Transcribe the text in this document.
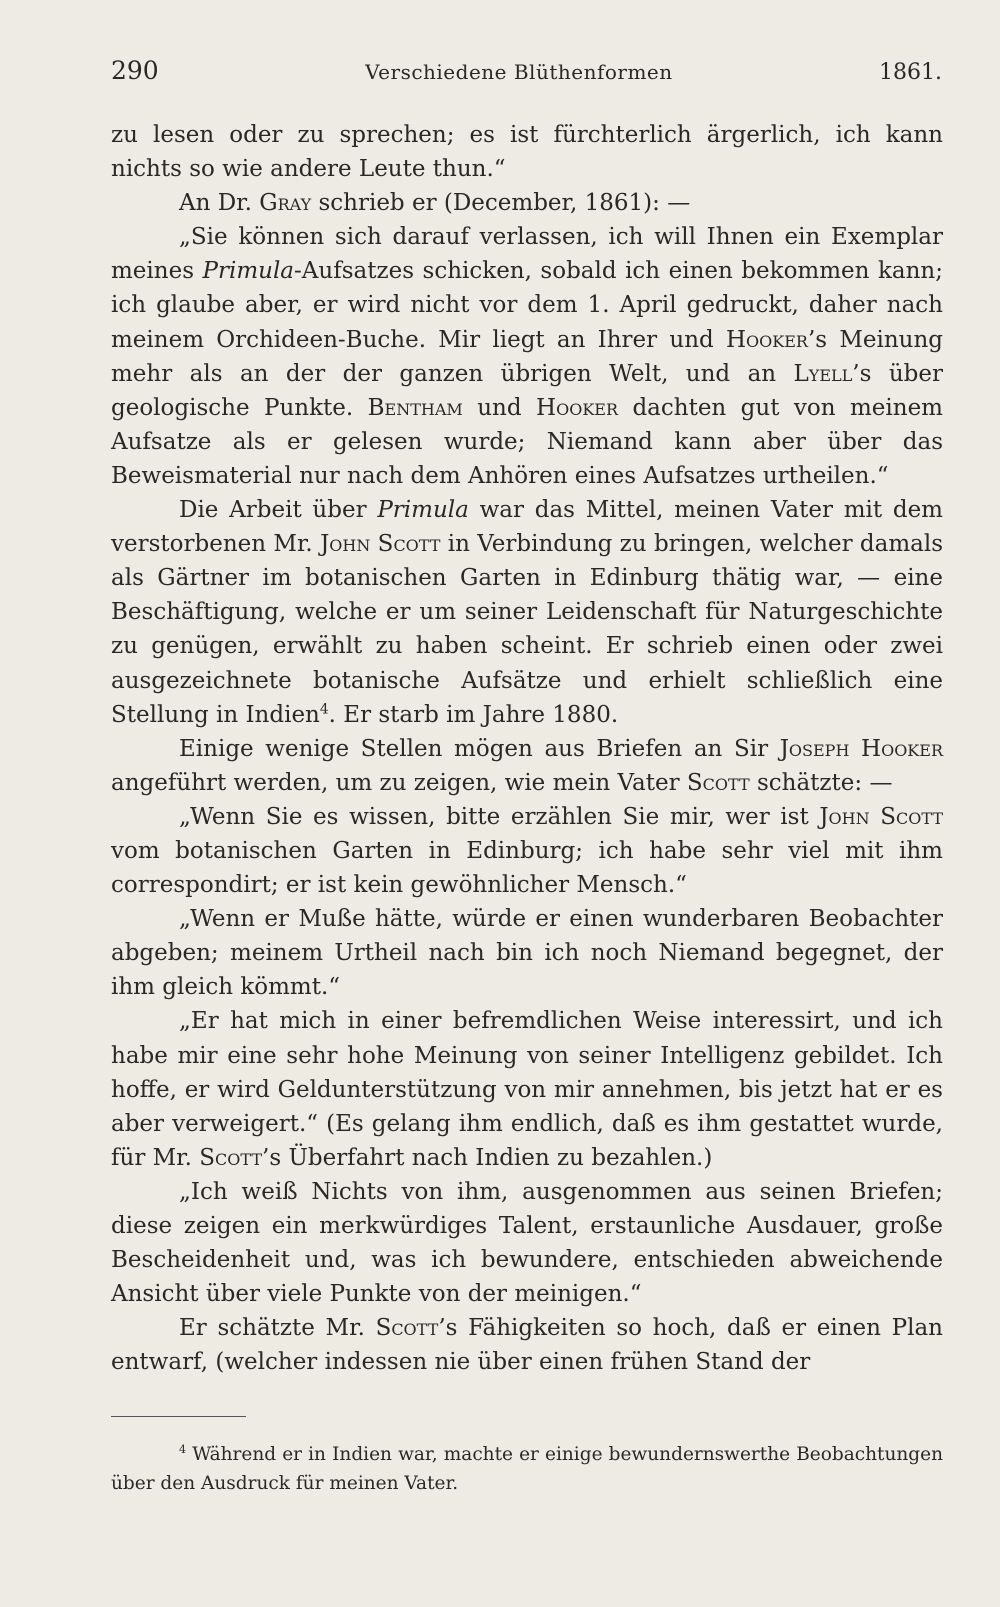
290	Verschiedene Blüthenformen	1861.

zu lesen oder zu sprechen; es ist fürchterlich ärgerlich, ich kann nichts so wie andere Leute thun.“

An Dr. Gray schrieb er (December, 1861): —

„Sie können sich darauf verlassen, ich will Ihnen ein Exemplar meines Primula-Aufsatzes schicken, sobald ich einen bekommen kann; ich glaube aber, er wird nicht vor dem 1. April gedruckt, daher nach meinem Orchideen-Buche. Mir liegt an Ihrer und Hooker’s Meinung mehr als an der der ganzen übrigen Welt, und an Lyell’s über geologische Punkte. Bentham und Hooker dachten gut von meinem Aufsatze als er gelesen wurde; Niemand kann aber über das Beweismaterial nur nach dem Anhören eines Aufsatzes urtheilen.“

Die Arbeit über Primula war das Mittel, meinen Vater mit dem verstorbenen Mr. John Scott in Verbindung zu bringen, welcher damals als Gärtner im botanischen Garten in Edinburg thätig war, — eine Beschäftigung, welche er um seiner Leidenschaft für Naturgeschichte zu genügen, erwählt zu haben scheint. Er schrieb einen oder zwei ausgezeichnete botanische Aufsätze und erhielt schließlich eine Stellung in Indien$^4$. Er starb im Jahre 1880.

Einige wenige Stellen mögen aus Briefen an Sir Joseph Hooker angeführt werden, um zu zeigen, wie mein Vater Scott schätzte: —

„Wenn Sie es wissen, bitte erzählen Sie mir, wer ist John Scott vom botanischen Garten in Edinburg; ich habe sehr viel mit ihm correspondirt; er ist kein gewöhnlicher Mensch.“

„Wenn er Muße hätte, würde er einen wunderbaren Beobachter abgeben; meinem Urtheil nach bin ich noch Niemand begegnet, der ihm gleich kömmt.“

„Er hat mich in einer befremdlichen Weise interessirt, und ich habe mir eine sehr hohe Meinung von seiner Intelligenz gebildet. Ich hoffe, er wird Geldunterstützung von mir annehmen, bis jetzt hat er es aber verweigert.“ (Es gelang ihm endlich, daß es ihm gestattet wurde, für Mr. Scott’s Überfahrt nach Indien zu bezahlen.)

„Ich weiß Nichts von ihm, ausgenommen aus seinen Briefen; diese zeigen ein merkwürdiges Talent, erstaunliche Ausdauer, große Bescheidenheit und, was ich bewundere, entschieden abweichende Ansicht über viele Punkte von der meinigen.“

Er schätzte Mr. Scott’s Fähigkeiten so hoch, daß er einen Plan entwarf, (welcher indessen nie über einen frühen Stand der

$^4$ Während er in Indien war, machte er einige bewundernswerthe Beobachtungen über den Ausdruck für meinen Vater.
